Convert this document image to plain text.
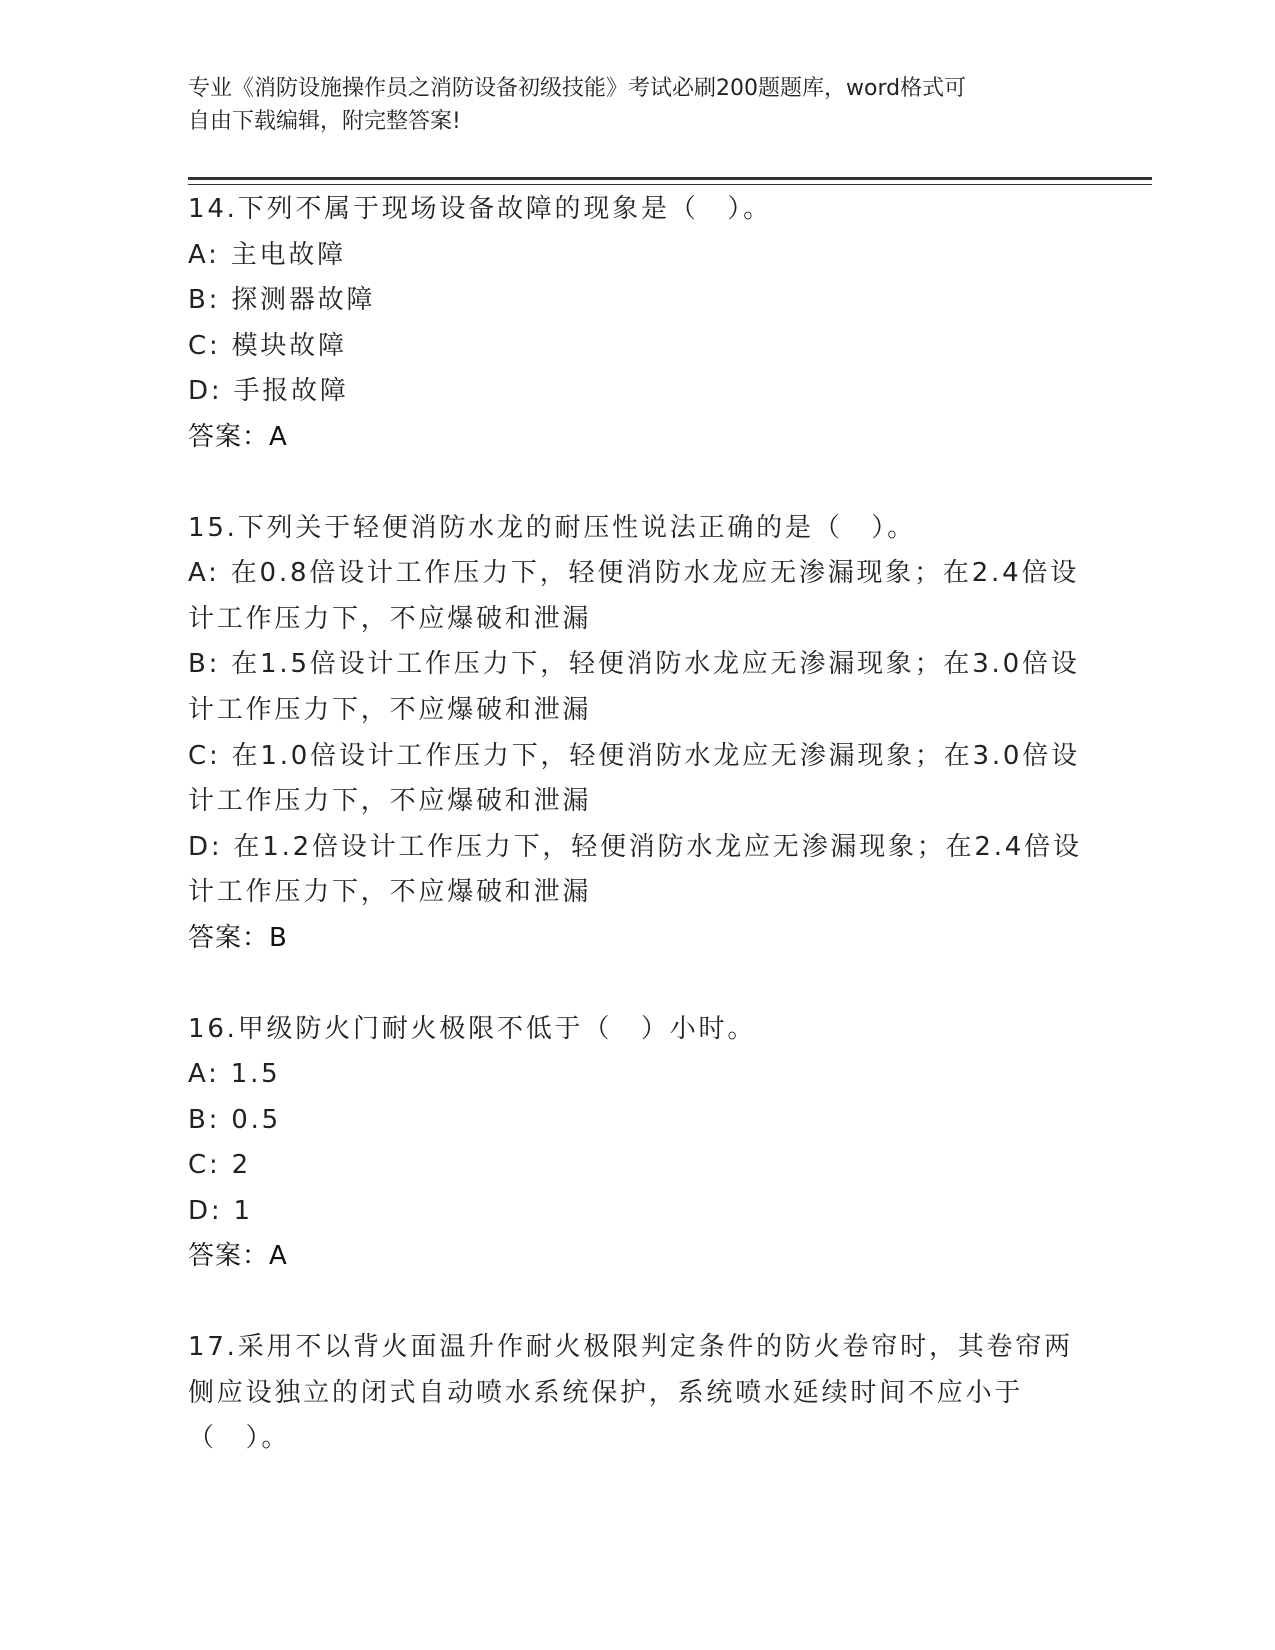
专业《消防设施操作员之消防设备初级技能》考试必刷200题题库，word格式可
自由下载编辑，附完整答案!
14.下列不属于现场设备故障的现象是（　）。
A: 主电故障
B: 探测器故障
C: 模块故障
D: 手报故障
答案：A
15.下列关于轻便消防水龙的耐压性说法正确的是（　）。
A: 在0.8倍设计工作压力下，轻便消防水龙应无渗漏现象；在2.4倍设计工作压力下，不应爆破和泄漏
B: 在1.5倍设计工作压力下，轻便消防水龙应无渗漏现象；在3.0倍设计工作压力下，不应爆破和泄漏
C: 在1.0倍设计工作压力下，轻便消防水龙应无渗漏现象；在3.0倍设计工作压力下，不应爆破和泄漏
D: 在1.2倍设计工作压力下，轻便消防水龙应无渗漏现象；在2.4倍设计工作压力下，不应爆破和泄漏
答案：B
16.甲级防火门耐火极限不低于（　）小时。
A: 1.5
B: 0.5
C: 2
D: 1
答案：A
17.采用不以背火面温升作耐火极限判定条件的防火卷帘时，其卷帘两侧应设独立的闭式自动喷水系统保护，系统喷水延续时间不应小于（　）。
